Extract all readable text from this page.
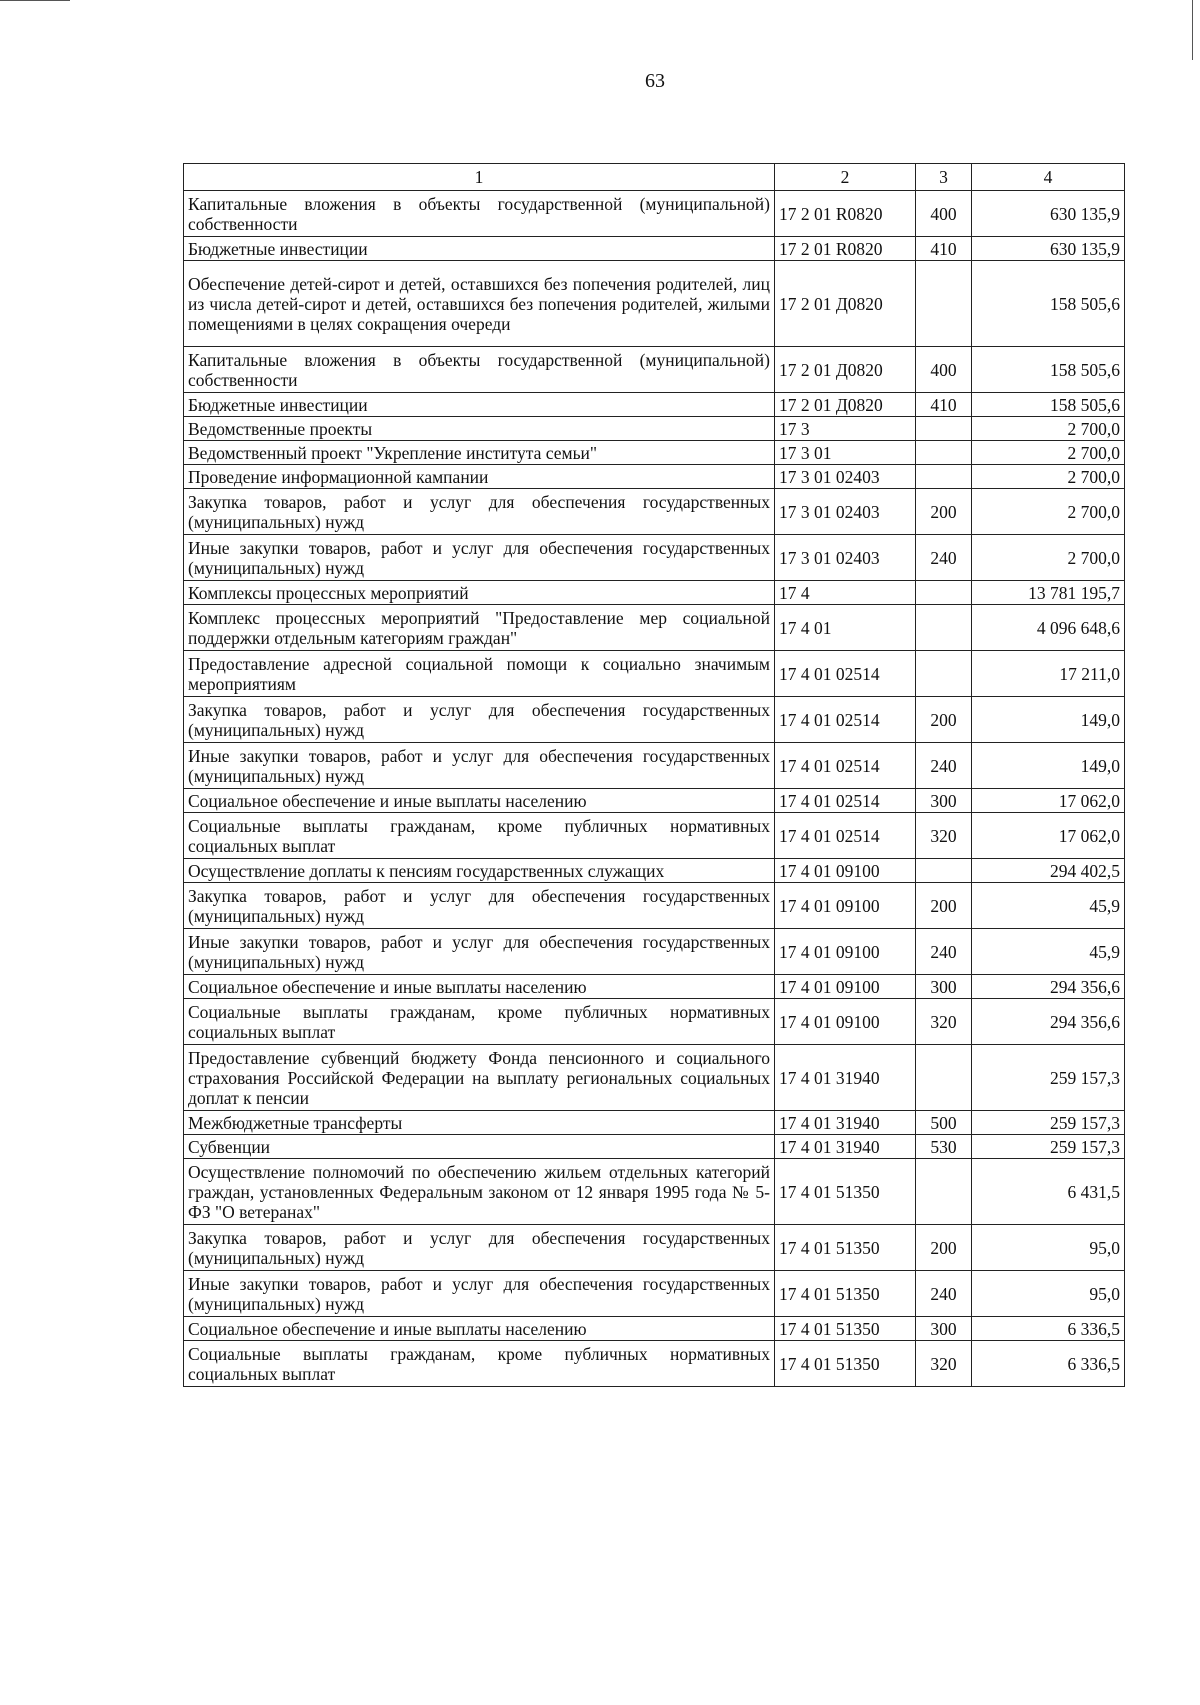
63
1	2	3	4
Капитальные вложения в объекты государственной (муниципальной) собственности	17 2 01 R0820	400	630 135,9
Бюджетные инвестиции	17 2 01 R0820	410	630 135,9
Обеспечение детей-сирот и детей, оставшихся без попечения родителей, лиц из числа детей-сирот и детей, оставшихся без попечения родителей, жилыми помещениями в целях сокращения очереди	17 2 01 Д0820		158 505,6
Капитальные вложения в объекты государственной (муниципальной) собственности	17 2 01 Д0820	400	158 505,6
Бюджетные инвестиции	17 2 01 Д0820	410	158 505,6
Ведомственные проекты	17 3		2 700,0
Ведомственный проект "Укрепление института семьи"	17 3 01		2 700,0
Проведение информационной кампании	17 3 01 02403		2 700,0
Закупка товаров, работ и услуг для обеспечения государственных (муниципальных) нужд	17 3 01 02403	200	2 700,0
Иные закупки товаров, работ и услуг для обеспечения государственных (муниципальных) нужд	17 3 01 02403	240	2 700,0
Комплексы процессных мероприятий	17 4		13 781 195,7
Комплекс процессных мероприятий "Предоставление мер социальной поддержки отдельным категориям граждан"	17 4 01		4 096 648,6
Предоставление адресной социальной помощи к социально значимым мероприятиям	17 4 01 02514		17 211,0
Закупка товаров, работ и услуг для обеспечения государственных (муниципальных) нужд	17 4 01 02514	200	149,0
Иные закупки товаров, работ и услуг для обеспечения государственных (муниципальных) нужд	17 4 01 02514	240	149,0
Социальное обеспечение и иные выплаты населению	17 4 01 02514	300	17 062,0
Социальные выплаты гражданам, кроме публичных нормативных социальных выплат	17 4 01 02514	320	17 062,0
Осуществление доплаты к пенсиям государственных служащих	17 4 01 09100		294 402,5
Закупка товаров, работ и услуг для обеспечения государственных (муниципальных) нужд	17 4 01 09100	200	45,9
Иные закупки товаров, работ и услуг для обеспечения государственных (муниципальных) нужд	17 4 01 09100	240	45,9
Социальное обеспечение и иные выплаты населению	17 4 01 09100	300	294 356,6
Социальные выплаты гражданам, кроме публичных нормативных социальных выплат	17 4 01 09100	320	294 356,6
Предоставление субвенций бюджету Фонда пенсионного и социального страхования Российской Федерации на выплату региональных социальных доплат к пенсии	17 4 01 31940		259 157,3
Межбюджетные трансферты	17 4 01 31940	500	259 157,3
Субвенции	17 4 01 31940	530	259 157,3
Осуществление полномочий по обеспечению жильем отдельных категорий граждан, установленных Федеральным законом от 12 января 1995 года № 5-ФЗ "О ветеранах"	17 4 01 51350		6 431,5
Закупка товаров, работ и услуг для обеспечения государственных (муниципальных) нужд	17 4 01 51350	200	95,0
Иные закупки товаров, работ и услуг для обеспечения государственных (муниципальных) нужд	17 4 01 51350	240	95,0
Социальное обеспечение и иные выплаты населению	17 4 01 51350	300	6 336,5
Социальные выплаты гражданам, кроме публичных нормативных социальных выплат	17 4 01 51350	320	6 336,5
